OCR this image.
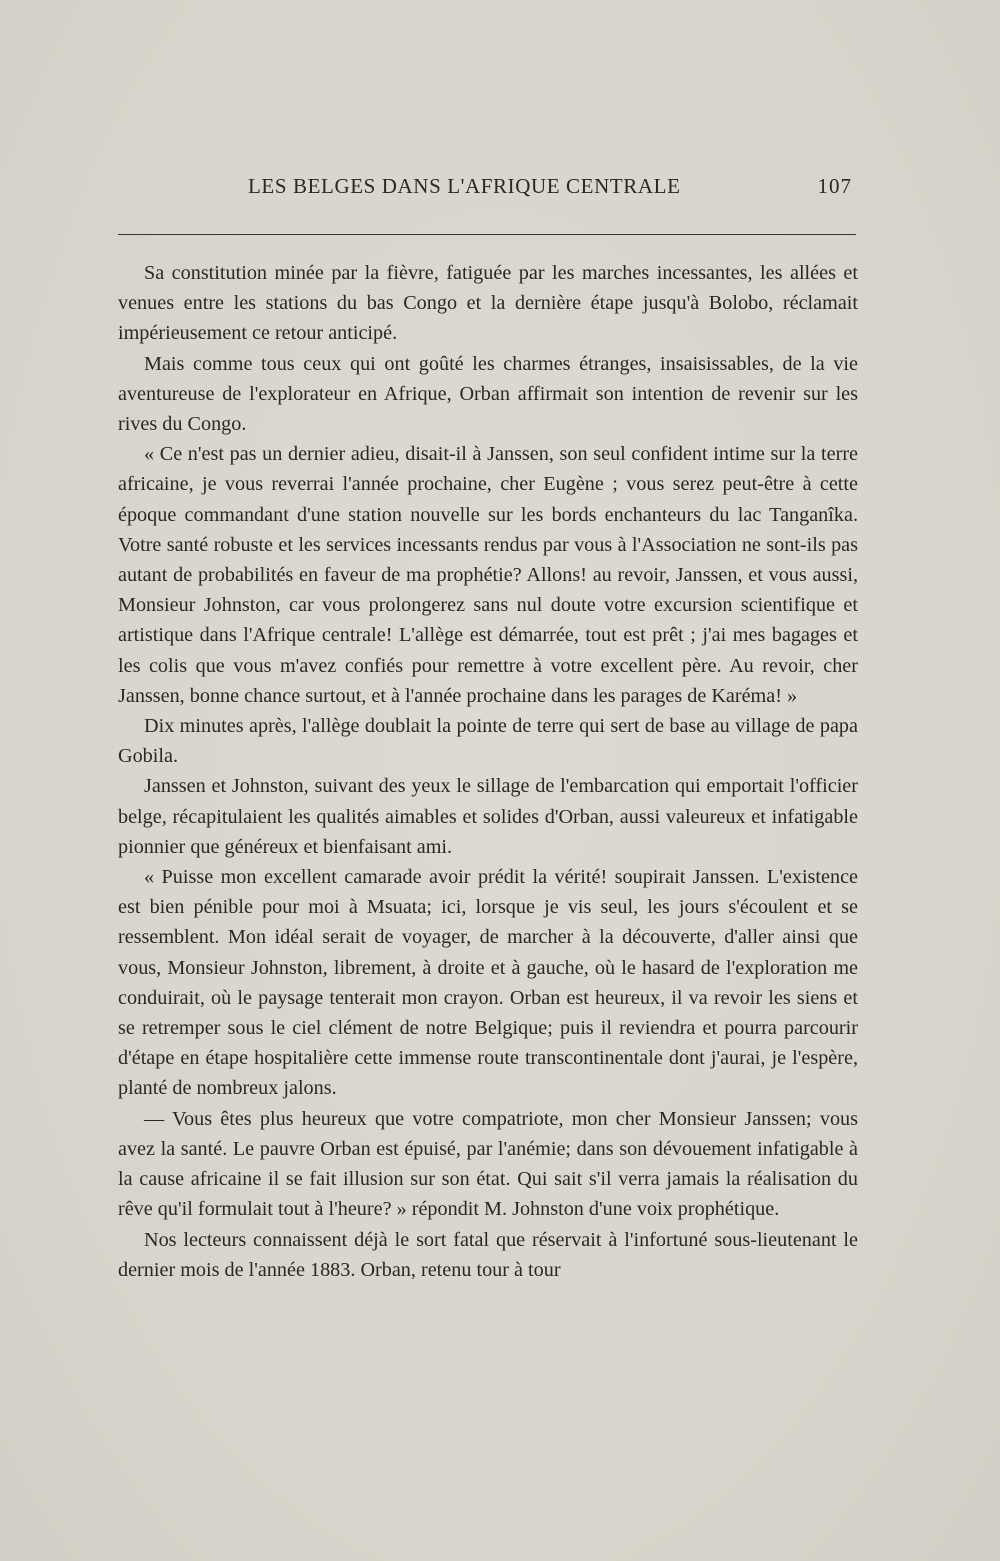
LES BELGES DANS L'AFRIQUE CENTRALE	107

Sa constitution minée par la fièvre, fatiguée par les marches incessantes, les allées et venues entre les stations du bas Congo et la dernière étape jusqu'à Bolobo, réclamait impérieusement ce retour anticipé.

Mais comme tous ceux qui ont goûté les charmes étranges, insaisissables, de la vie aventureuse de l'explorateur en Afrique, Orban affirmait son intention de revenir sur les rives du Congo.

« Ce n'est pas un dernier adieu, disait-il à Janssen, son seul confident intime sur la terre africaine, je vous reverrai l'année prochaine, cher Eugène ; vous serez peut-être à cette époque commandant d'une station nouvelle sur les bords enchanteurs du lac Tanganîka. Votre santé robuste et les services incessants rendus par vous à l'Association ne sont-ils pas autant de probabilités en faveur de ma prophétie? Allons! au revoir, Janssen, et vous aussi, Monsieur Johnston, car vous prolongerez sans nul doute votre excursion scientifique et artistique dans l'Afrique centrale! L'allège est démarrée, tout est prêt ; j'ai mes bagages et les colis que vous m'avez confiés pour remettre à votre excellent père. Au revoir, cher Janssen, bonne chance surtout, et à l'année prochaine dans les parages de Karéma! »

Dix minutes après, l'allège doublait la pointe de terre qui sert de base au village de papa Gobila.

Janssen et Johnston, suivant des yeux le sillage de l'embarcation qui emportait l'officier belge, récapitulaient les qualités aimables et solides d'Orban, aussi valeureux et infatigable pionnier que généreux et bienfaisant ami.

« Puisse mon excellent camarade avoir prédit la vérité! soupirait Janssen. L'existence est bien pénible pour moi à Msuata; ici, lorsque je vis seul, les jours s'écoulent et se ressemblent. Mon idéal serait de voyager, de marcher à la découverte, d'aller ainsi que vous, Monsieur Johnston, librement, à droite et à gauche, où le hasard de l'exploration me conduirait, où le paysage tenterait mon crayon. Orban est heureux, il va revoir les siens et se retremper sous le ciel clément de notre Belgique; puis il reviendra et pourra parcourir d'étape en étape hospitalière cette immense route transcontinentale dont j'aurai, je l'espère, planté de nombreux jalons.

— Vous êtes plus heureux que votre compatriote, mon cher Monsieur Janssen; vous avez la santé. Le pauvre Orban est épuisé, par l'anémie; dans son dévouement infatigable à la cause africaine il se fait illusion sur son état. Qui sait s'il verra jamais la réalisation du rêve qu'il formulait tout à l'heure? » répondit M. Johnston d'une voix prophétique.

Nos lecteurs connaissent déjà le sort fatal que réservait à l'infortuné sous-lieutenant le dernier mois de l'année 1883. Orban, retenu tour à tour
